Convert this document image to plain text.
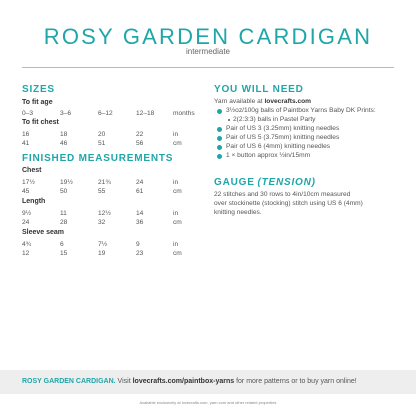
ROSY GARDEN CARDIGAN
intermediate
SIZES
To fit age
0–3	3–6	6–12	12–18	months
To fit chest
16	18	20	22	in
41	46	51	56	cm
FINISHED MEASUREMENTS
Chest
17½	19½	21¾	24	in
45	50	55	61	cm
Length
9½	11	12½	14	in
24	28	32	36	cm
Sleeve seam
4¾	6	7½	9	in
12	15	19	23	cm
YOU WILL NEED
Yarn available at lovecrafts.com
3½oz/100g balls of Paintbox Yarns Baby DK Prints:
2(2:3:3) balls in Pastel Party
Pair of US 3 (3.25mm) knitting needles
Pair of US 5 (3.75mm) knitting needles
Pair of US 6 (4mm) knitting needles
1 × button approx ½in/15mm
GAUGE (TENSION)
22 stitches and 30 rows to 4in/10cm measured
over stockinette (stocking) stitch using US 6 (4mm)
knitting needles.
ROSY GARDEN CARDIGAN. Visit lovecrafts.com/paintbox-yarns for more patterns or to buy yarn online!
Available exclusively at lovecrafts.com, yarn.com and other related properties
